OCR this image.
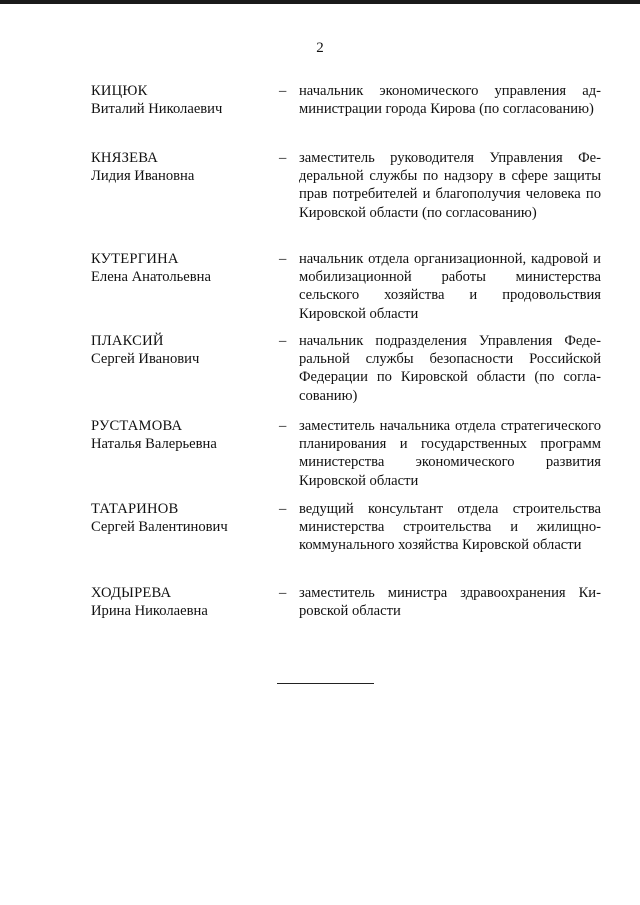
2
КИЦЮК
Виталий Николаевич
– начальник экономического управления администрации города Кирова (по согласованию)
КНЯЗЕВА
Лидия Ивановна
– заместитель руководителя Управления Федеральной службы по надзору в сфере защиты прав потребителей и благополучия человека по Кировской области (по согласованию)
КУТЕРГИНА
Елена Анатольевна
– начальник отдела организационной, кадровой и мобилизационной работы министерства сельского хозяйства и продовольствия Кировской области
ПЛАКСИЙ
Сергей Иванович
– начальник подразделения Управления Федеральной службы безопасности Российской Федерации по Кировской области (по согласованию)
РУСТАМОВА
Наталья Валерьевна
– заместитель начальника отдела стратегического планирования и государственных программ министерства экономического развития Кировской области
ТАТАРИНОВ
Сергей Валентинович
– ведущий консультант отдела строительства министерства строительства и жилищно-коммунального хозяйства Кировской области
ХОДЫРЕВА
Ирина Николаевна
– заместитель министра здравоохранения Кировской области
